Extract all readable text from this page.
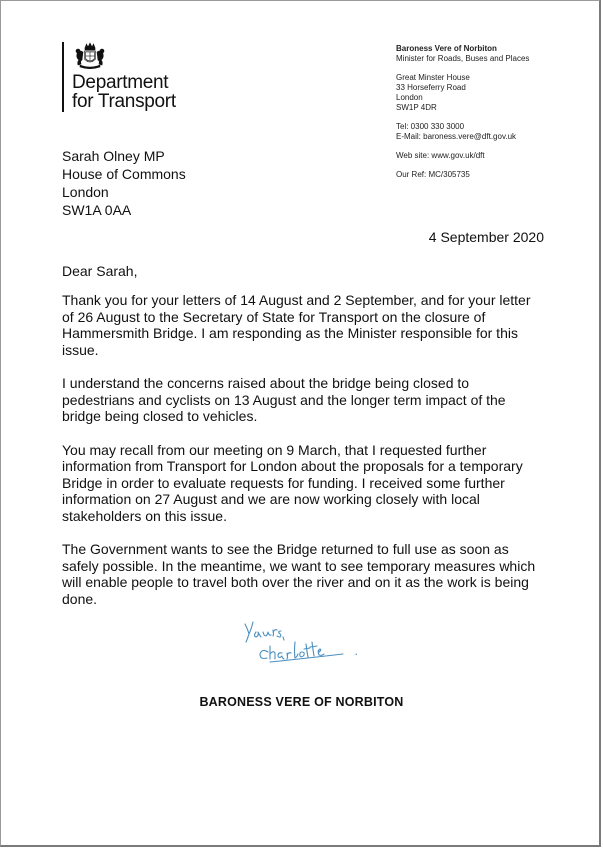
Department
for Transport
Baroness Vere of Norbiton
Minister for Roads, Buses and Places
Great Minster House
33 Horseferry Road
London
SW1P 4DR
Tel: 0300 330 3000
E-Mail: baroness.vere@dft.gov.uk
Web site: www.gov.uk/dft
Our Ref: MC/305735
Sarah Olney MP
House of Commons
London
SW1A 0AA
4 September 2020
Dear Sarah,

Thank you for your letters of 14 August and 2 September, and for your letter of 26 August to the Secretary of State for Transport on the closure of Hammersmith Bridge. I am responding as the Minister responsible for this issue.

I understand the concerns raised about the bridge being closed to pedestrians and cyclists on 13 August and the longer term impact of the bridge being closed to vehicles.

You may recall from our meeting on 9 March, that I requested further information from Transport for London about the proposals for a temporary Bridge in order to evaluate requests for funding. I received some further information on 27 August and we are now working closely with local stakeholders on this issue.

The Government wants to see the Bridge returned to full use as soon as safely possible. In the meantime, we want to see temporary measures which will enable people to travel both over the river and on it as the work is being done.

BARONESS VERE OF NORBITON
